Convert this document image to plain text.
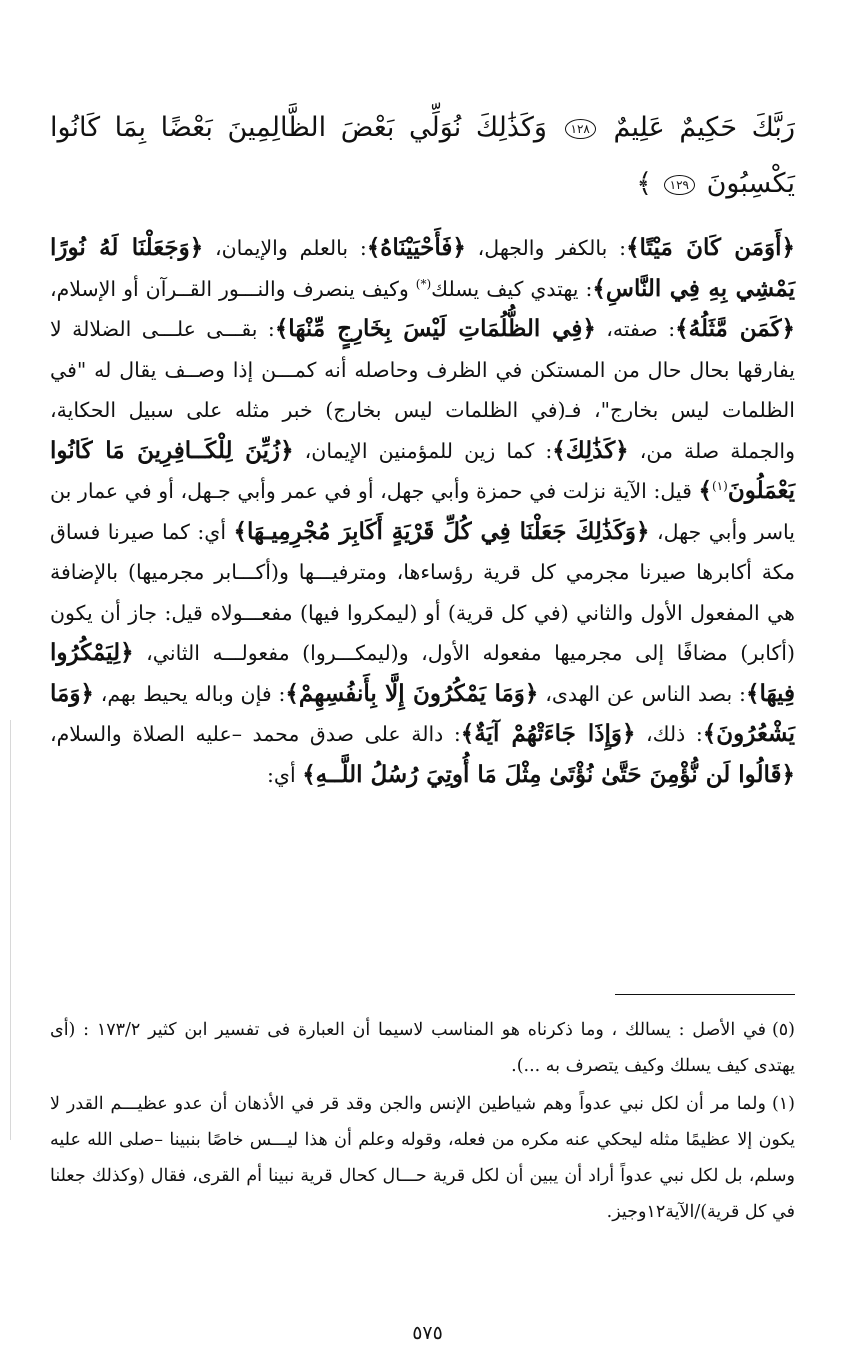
رَبَّكَ حَكِيمٌ عَلِيمٌ ١٢٨ وَكَذَٰلِكَ نُوَلِّي بَعْضَ الظَّالِمِينَ بَعْضًا بِمَا كَانُوا يَكْسِبُونَ ١٢٩ ﴾
﴿أَوَمَن كَانَ مَيْتًا﴾: بالكفر والجهل، ﴿فَأَحْيَيْنَاهُ﴾: بالعلم والإيمان، ﴿وَجَعَلْنَا لَهُ نُورًا يَمْشِي بِهِ فِي النَّاسِ﴾: يهتدي كيف يسلك(*) وكيف ينصرف والنـــور القــرآن أو الإسلام، ﴿كَمَن مَّثَلُهُ﴾: صفته، ﴿فِي الظُّلُمَاتِ لَيْسَ بِخَارِجٍ مِّنْهَا﴾: بقـــى علـــى الضلالة لا يفارقها بحال حال من المستكن في الظرف وحاصله أنه كمـــن إذا وصــف يقال له "في الظلمات ليس بخارج"، فـ(في الظلمات ليس بخارج) خبر مثله على سبيل الحكاية، والجملة صلة من، ﴿كَذَٰلِكَ﴾: كما زين للمؤمنين الإيمان، ﴿زُيِّنَ لِلْكَــافِرِينَ مَا كَانُوا يَعْمَلُونَ$^{(١)}$﴾ قيل: الآية نزلت في حمزة وأبي جهل، أو في عمر وأبي جـهل، أو في عمار بن ياسر وأبي جهل، ﴿وَكَذَٰلِكَ جَعَلْنَا فِي كُلِّ قَرْيَةٍ أَكَابِرَ مُجْرِمِيـهَا﴾ أي: كما صيرنا فساق مكة أكابرها صيرنا مجرمي كل قرية رؤساءها، ومترفيـــها و(أكـــابر مجرميها) بالإضافة هي المفعول الأول والثاني (في كل قرية) أو (ليمكروا فيها) مفعـــولاه قيل: جاز أن يكون (أكابر) مضافًا إلى مجرميها مفعوله الأول، و(ليمكـــروا) مفعولـــه الثاني، ﴿لِيَمْكُرُوا فِيهَا﴾: بصد الناس عن الهدى، ﴿وَمَا يَمْكُرُونَ إِلَّا بِأَنفُسِهِمْ﴾: فإن وباله يحيط بهم، ﴿وَمَا يَشْعُرُونَ﴾: ذلك، ﴿وَإِذَا جَاءَتْهُمْ آيَةٌ﴾: دالة على صدق محمد –عليه الصلاة والسلام، ﴿قَالُوا لَن نُّؤْمِنَ حَتَّىٰ نُؤْتَىٰ مِثْلَ مَا أُوتِيَ رُسُلُ اللَّــهِ﴾ أي:

(٥)في الأصل : يسالك ، وما ذكرناه هو المناسب لاسيما أن العبارة فى تفسير ابن كثير ١٧٣/٢ : (أى يهتدى كيف يسلك وكيف يتصرف به ...).

(١)ولما مر أن لكل نبي عدواً وهم شياطين الإنس والجن وقد قر في الأذهان أن عدو عظيـــم القدر لا يكون إلا عظيمًا مثله ليحكي عنه مكره من فعله، وقوله وعلم أن هذا ليـــس خاصًا بنبينا –صلى الله عليه وسلم، بل لكل نبي عدواً أراد أن يبين أن لكل قرية حـــال كحال قرية نبينا أم القرى، فقال (وكذلك جعلنا في كل قرية)/الآية١٢وجيز.

٥٧٥
